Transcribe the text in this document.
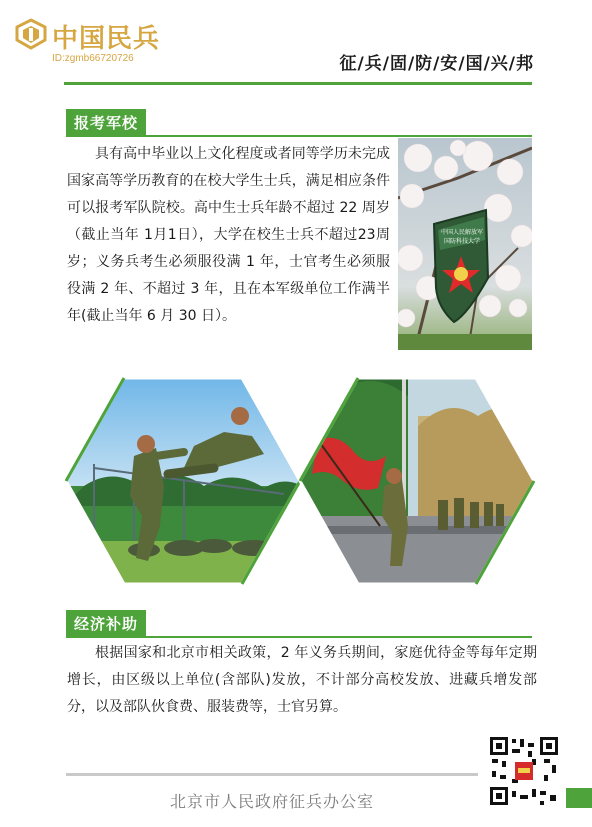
中国民兵
ID:zgmb66720726	征/兵/固/防/安/国/兴/邦
报考军校

具有高中毕业以上文化程度或者同等学历未完成国家高等学历教育的在校大学生士兵，满足相应条件可以报考军队院校。高中生士兵年龄不超过 22 周岁（截止当年 1月1日），大学在校生士兵不超过23周岁；义务兵考生必须服役满 1 年，士官考生必须服役满 2 年、不超过 3 年，且在本军级单位工作满半年(截止当年 6 月 30 日）。

中国人民解放军
国防科技大学
经济补助

根据国家和北京市相关政策，2 年义务兵期间，家庭优待金等每年定期增长，由区级以上单位(含部队)发放，不计部分高校发放、进藏兵增发部分，以及部队伙食费、服装费等，士官另算。

北京市人民政府征兵办公室
